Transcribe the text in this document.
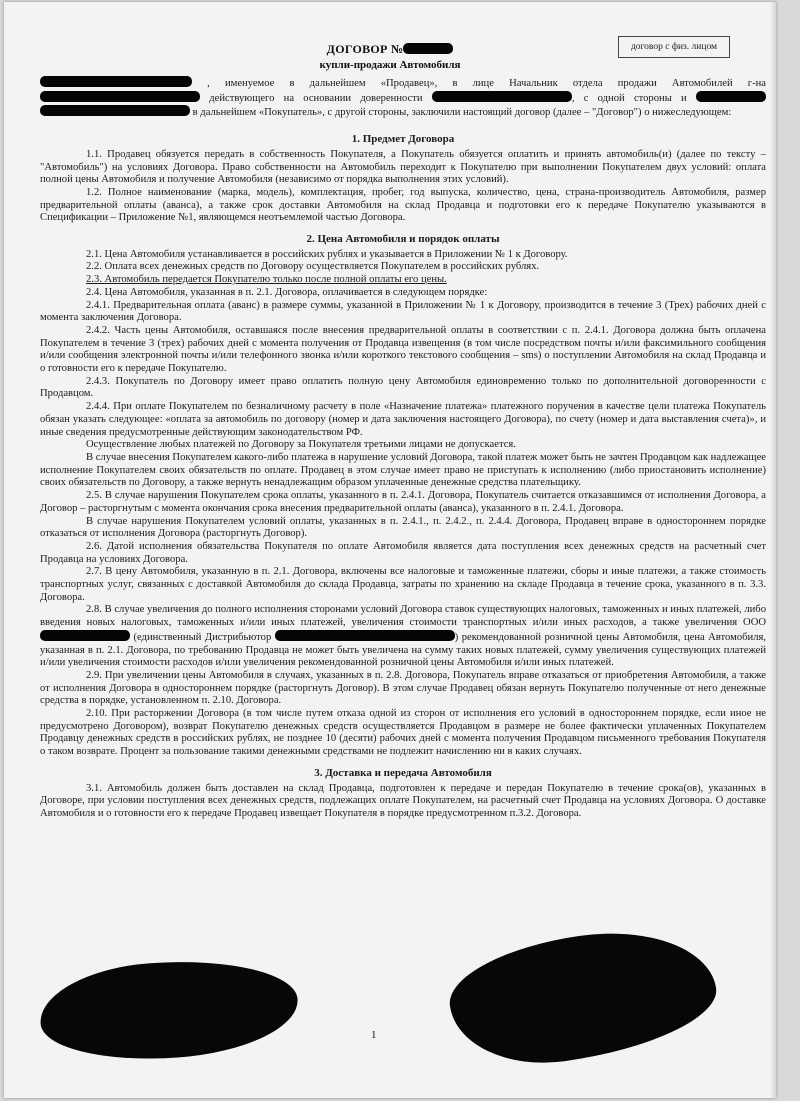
договор с физ. лицом
ДОГОВОР №
купли-продажи Автомобиля

, именуемое в дальнейшем «Продавец», в лице Начальник отдела продажи Автомобилей г-на  действующего на основании доверенности	, с одной стороны и   в дальнейшем «Покупатель», с другой стороны, заключили настоящий договор (далее – "Договор") о нижеследующем:

1. Предмет Договора

1.1. Продавец обязуется передать в собственность Покупателя, а Покупатель обязуется оплатить и принять автомобиль(и) (далее по тексту – "Автомобиль") на условиях Договора. Право собственности на Автомобиль переходит к Покупателю при выполнении Покупателем двух условий: оплата полной цены Автомобиля и получение Автомобиля (независимо от порядка выполнения этих условий).

1.2. Полное наименование (марка, модель), комплектация, пробег, год выпуска, количество, цена, страна-производитель Автомобиля, размер предварительной оплаты (аванса), а также срок доставки Автомобиля на склад Продавца и подготовки его к передаче Покупателю указываются в Спецификации – Приложение №1, являющемся неотъемлемой частью Договора.

2. Цена Автомобиля и порядок оплаты

2.1. Цена Автомобиля устанавливается в российских рублях и указывается в Приложении № 1 к Договору.

2.2. Оплата всех денежных средств по Договору осуществляется Покупателем в российских рублях.

2.3. Автомобиль передается Покупателю только после полной оплаты его цены.

2.4. Цена Автомобиля, указанная в п. 2.1. Договора, оплачивается в следующем порядке:

2.4.1. Предварительная оплата (аванс) в размере суммы, указанной в Приложении № 1 к Договору, производится в течение 3 (Трех) рабочих дней с момента заключения Договора.

2.4.2. Часть цены Автомобиля, оставшаяся после внесения предварительной оплаты в соответствии с п. 2.4.1. Договора должна быть оплачена Покупателем в течение 3 (трех) рабочих дней с момента получения от Продавца извещения (в том числе посредством почты и/или факсимильного сообщения и/или сообщения электронной почты и/или телефонного звонка и/или короткого текстового сообщения – sms) о поступлении Автомобиля на склад Продавца и о готовности его к передаче Покупателю.

2.4.3. Покупатель по Договору имеет право оплатить полную цену Автомобиля единовременно только по дополнительной договоренности с Продавцом.

2.4.4. При оплате Покупателем по безналичному расчету в поле «Назначение платежа» платежного поручения в качестве цели платежа Покупатель обязан указать следующее: «оплата за автомобиль по договору (номер и дата заключения настоящего Договора), по счету (номер и дата выставления счета)», и иные сведения предусмотренные действующим законодательством РФ.

Осуществление любых платежей по Договору за Покупателя третьими лицами не допускается.

В случае внесения Покупателем какого-либо платежа в нарушение условий Договора, такой платеж может быть не зачтен Продавцом как надлежащее исполнение Покупателем своих обязательств по оплате. Продавец в этом случае имеет право не приступать к исполнению (либо приостановить исполнение) своих обязательств по Договору, а также вернуть ненадлежащим образом уплаченные денежные средства плательщику.

2.5. В случае нарушения Покупателем срока оплаты, указанного в п. 2.4.1. Договора, Покупатель считается отказавшимся от исполнения Договора, а Договор – расторгнутым с момента окончания срока внесения предварительной оплаты (аванса), указанного в п. 2.4.1. Договора.

В случае нарушения Покупателем условий оплаты, указанных в п. 2.4.1., п. 2.4.2., п. 2.4.4. Договора, Продавец вправе в одностороннем порядке отказаться от исполнения Договора (расторгнуть Договор).

2.6. Датой исполнения обязательства Покупателя по оплате Автомобиля является дата поступления всех денежных средств на расчетный счет Продавца на условиях Договора.

2.7. В цену Автомобиля, указанную в п. 2.1. Договора, включены все налоговые и таможенные платежи, сборы и иные платежи, а также стоимость транспортных услуг, связанных с доставкой Автомобиля до склада Продавца, затраты по хранению на складе Продавца в течение срока, указанного в п. 3.3. Договора.

2.8. В случае увеличения до полного исполнения сторонами условий Договора ставок существующих налоговых, таможенных и иных платежей, либо введения новых налоговых, таможенных и/или иных платежей, увеличения стоимости транспортных и/или иных расходов, а также увеличения ООО  (единственный Дистрибьютор	) рекомендованной розничной цены Автомобиля, цена Автомобиля, указанная в п. 2.1. Договора, по требованию Продавца не может быть увеличена на сумму таких новых платежей, сумму увеличения существующих платежей и/или увеличения стоимости расходов и/или увеличения рекомендованной розничной цены Автомобиля и/или иных платежей.

2.9. При увеличении цены Автомобиля в случаях, указанных в п. 2.8. Договора, Покупатель вправе отказаться от приобретения Автомобиля, а также от исполнения Договора в одностороннем порядке (расторгнуть Договор). В этом случае Продавец обязан вернуть Покупателю полученные от него денежные средства в порядке, установленном п. 2.10. Договора.

2.10. При расторжении Договора (в том числе путем отказа одной из сторон от исполнения его условий в одностороннем порядке, если иное не предусмотрено Договором), возврат Покупателю денежных средств осуществляется Продавцом в размере не более фактически уплаченных Покупателем Продавцу денежных средств в российских рублях, не позднее 10 (десяти) рабочих дней с момента получения Продавцом письменного требования Покупателя о таком возврате. Процент за пользование такими денежными средствами не подлежит начислению ни в каких случаях.

3. Доставка и передача Автомобиля

3.1. Автомобиль должен быть доставлен на склад Продавца, подготовлен к передаче и передан Покупателю в течение срока(ов), указанных в Договоре, при условии поступления всех денежных средств, подлежащих оплате Покупателем, на расчетный счет Продавца на условиях Договора. О доставке Автомобиля и о готовности его к передаче Продавец извещает Покупателя в порядке предусмотренном п.3.2. Договора.

1
